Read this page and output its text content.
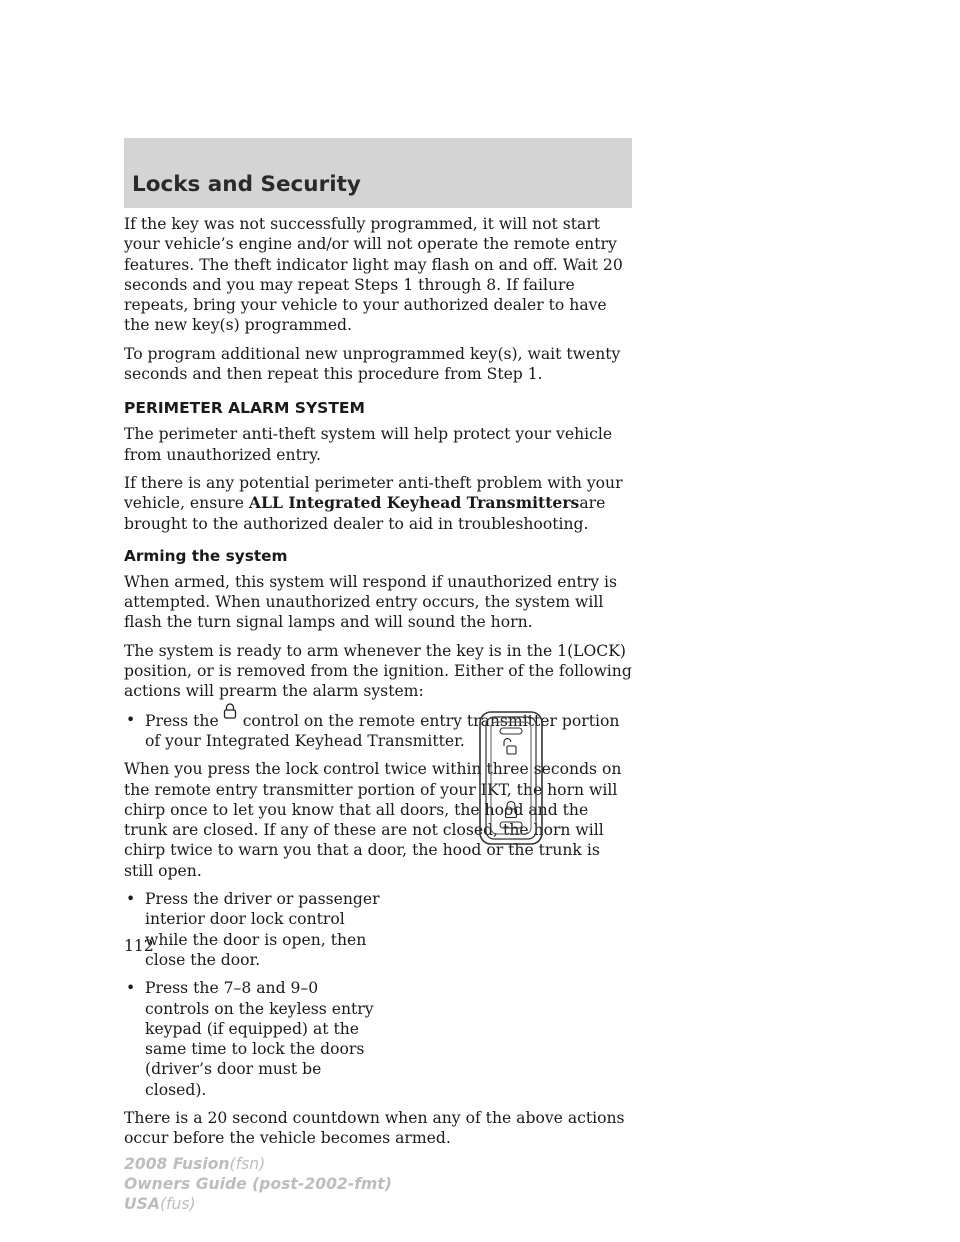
Locks and Security

If the key was not successfully programmed, it will not start your vehicle’s engine and/or will not operate the remote entry features. The theft indicator light may flash on and off. Wait 20 seconds and you may repeat Steps 1 through 8. If failure repeats, bring your vehicle to your authorized dealer to have the new key(s) programmed.

To program additional new unprogrammed key(s), wait twenty seconds and then repeat this procedure from Step 1.

PERIMETER ALARM SYSTEM

The perimeter anti-theft system will help protect your vehicle from unauthorized entry.

If there is any potential perimeter anti-theft problem with your vehicle, ensure ALL Integrated Keyhead Transmittersare brought to the authorized dealer to aid in troubleshooting.

Arming the system

When armed, this system will respond if unauthorized entry is attempted. When unauthorized entry occurs, the system will flash the turn signal lamps and will sound the horn.

The system is ready to arm whenever the key is in the 1(LOCK) position, or is removed from the ignition. Either of the following actions will prearm the alarm system:

• Press the control on the remote entry transmitter portion of your Integrated Keyhead Transmitter.

When you press the lock control twice within three seconds on the remote entry transmitter portion of your IKT, the horn will chirp once to let you know that all doors, the hood and the trunk are closed. If any of these are not closed, the horn will chirp twice to warn you that a door, the hood or the trunk is still open.

• Press the driver or passenger interior door lock control while the door is open, then close the door.
• Press the 7–8 and 9–0 controls on the keyless entry keypad (if equipped) at the same time to lock the doors (driver’s door must be closed).

There is a 20 second countdown when any of the above actions occur before the vehicle becomes armed.

112
2008 Fusion(fsn)
Owners Guide (post-2002-fmt)
USA(fus)
